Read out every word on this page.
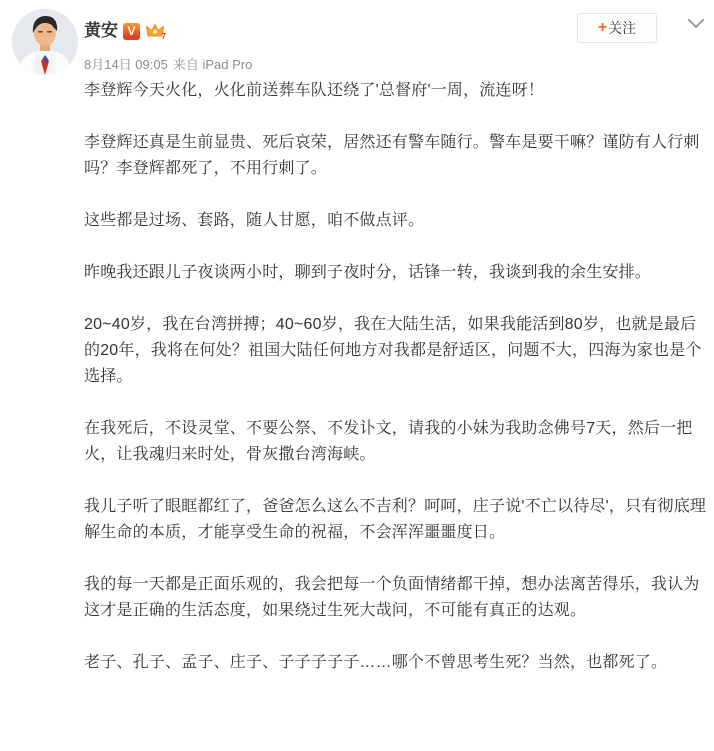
黄安 V	7
8月14日 09:05 来自 iPad Pro
+ 关注

李登辉今天火化，火化前送葬车队还绕了'总督府'一周，流连呀！

李登辉还真是生前显贵、死后哀荣，居然还有警车随行。警车是要干嘛？谨防有人行刺吗？李登辉都死了，不用行刺了。

这些都是过场、套路，随人甘愿，咱不做点评。

昨晚我还跟儿子夜谈两小时，聊到子夜时分，话锋一转，我谈到我的余生安排。

20~40岁，我在台湾拼搏；40~60岁，我在大陆生活，如果我能活到80岁，也就是最后的20年，我将在何处？祖国大陆任何地方对我都是舒适区，问题不大，四海为家也是个选择。

在我死后，不设灵堂、不要公祭、不发讣文，请我的小妹为我助念佛号7天，然后一把火，让我魂归来时处，骨灰撒台湾海峡。

我儿子听了眼眶都红了，爸爸怎么这么不吉利？呵呵，庄子说'不亡以待尽'，只有彻底理解生命的本质，才能享受生命的祝福，不会浑浑噩噩度日。

我的每一天都是正面乐观的，我会把每一个负面情绪都干掉，想办法离苦得乐，我认为这才是正确的生活态度，如果绕过生死大哉问，不可能有真正的达观。

老子、孔子、孟子、庄子、子子子子子……哪个不曾思考生死？当然，也都死了。
